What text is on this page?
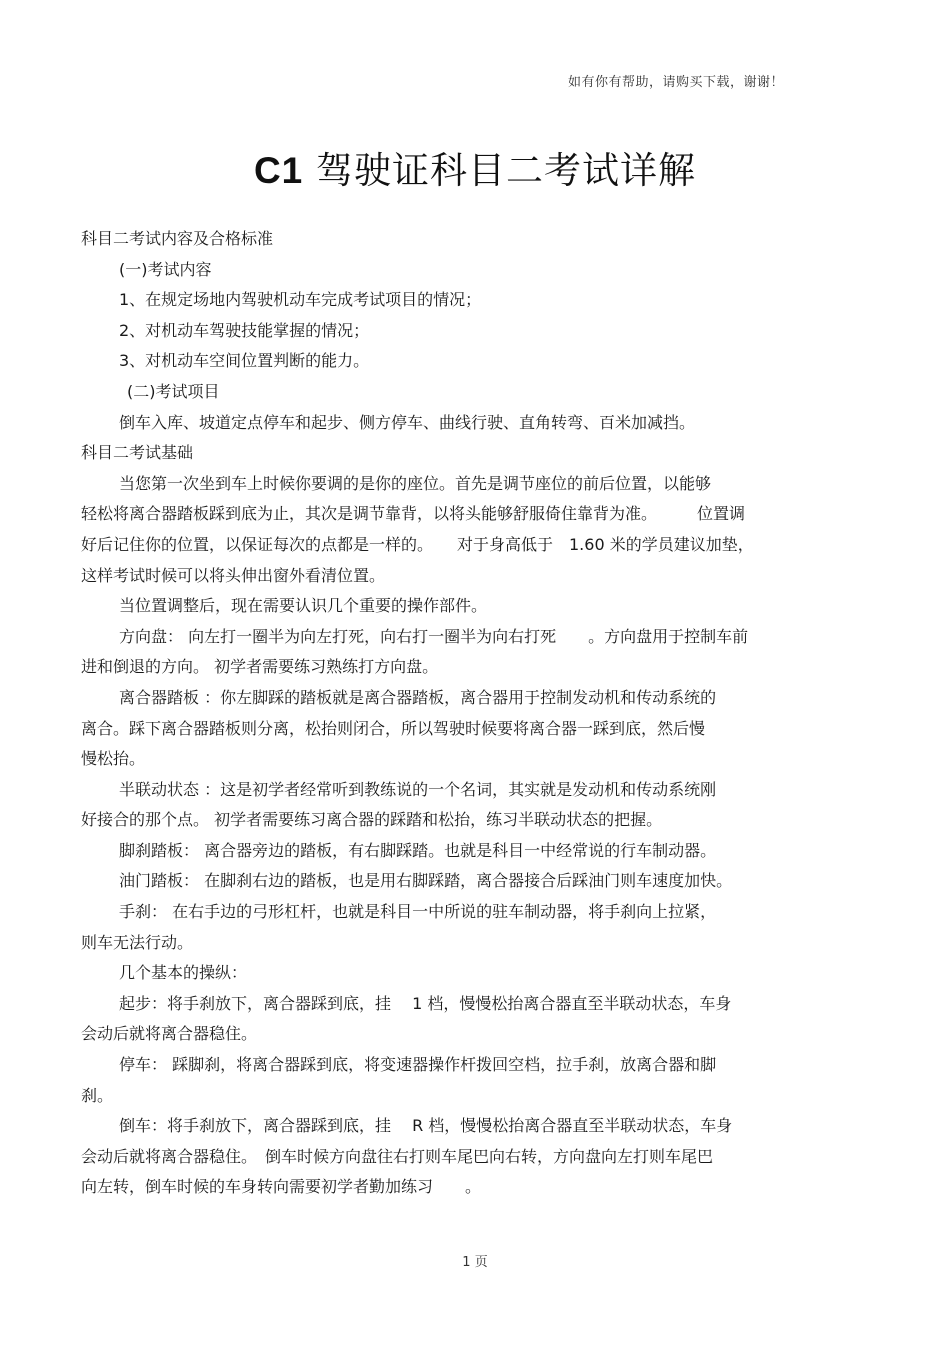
如有你有帮助，请购买下载，谢谢！
C1 驾驶证科目二考试详解
科目二考试内容及合格标准
(一)考试内容
1、在规定场地内驾驶机动车完成考试项目的情况；
2、对机动车驾驶技能掌握的情况；
3、对机动车空间位置判断的能力。
(二)考试项目
倒车入库、坡道定点停车和起步、侧方停车、曲线行驶、直角转弯、百米加减挡。
科目二考试基础
当您第一次坐到车上时候你要调的是你的座位。首先是调节座位的前后位置，以能够
轻松将离合器踏板踩到底为止，其次是调节靠背，以将头能够舒服倚住靠背为准。　　　位置调
好后记住你的位置，以保证每次的点都是一样的。　　对于身高低于　1.60 米的学员建议加垫，
这样考试时候可以将头伸出窗外看清位置。
当位置调整后，现在需要认识几个重要的操作部件。
方向盘： 向左打一圈半为向左打死，向右打一圈半为向右打死　　。方向盘用于控制车前
进和倒退的方向。 初学者需要练习熟练打方向盘。
离合器踏板 ：你左脚踩的踏板就是离合器踏板，离合器用于控制发动机和传动系统的
离合。踩下离合器踏板则分离，松抬则闭合，所以驾驶时候要将离合器一踩到底，然后慢
慢松抬。
半联动状态 ：这是初学者经常听到教练说的一个名词，其实就是发动机和传动系统刚
好接合的那个点。 初学者需要练习离合器的踩踏和松抬，练习半联动状态的把握。
脚刹踏板： 离合器旁边的踏板，有右脚踩踏。也就是科目一中经常说的行车制动器。
油门踏板： 在脚刹右边的踏板，也是用右脚踩踏，离合器接合后踩油门则车速度加快。
手刹： 在右手边的弓形杠杆，也就是科目一中所说的驻车制动器，将手刹向上拉紧，
则车无法行动。
几个基本的操纵：
起步：将手刹放下，离合器踩到底，挂　 1 档，慢慢松抬离合器直至半联动状态，车身
会动后就将离合器稳住。
停车： 踩脚刹，将离合器踩到底，将变速器操作杆拨回空档，拉手刹，放离合器和脚
刹。
倒车：将手刹放下，离合器踩到底，挂　 R 档，慢慢松抬离合器直至半联动状态，车身
会动后就将离合器稳住。　倒车时候方向盘往右打则车尾巴向右转，方向盘向左打则车尾巴
向左转，倒车时候的车身转向需要初学者勤加练习　　。
1 页
